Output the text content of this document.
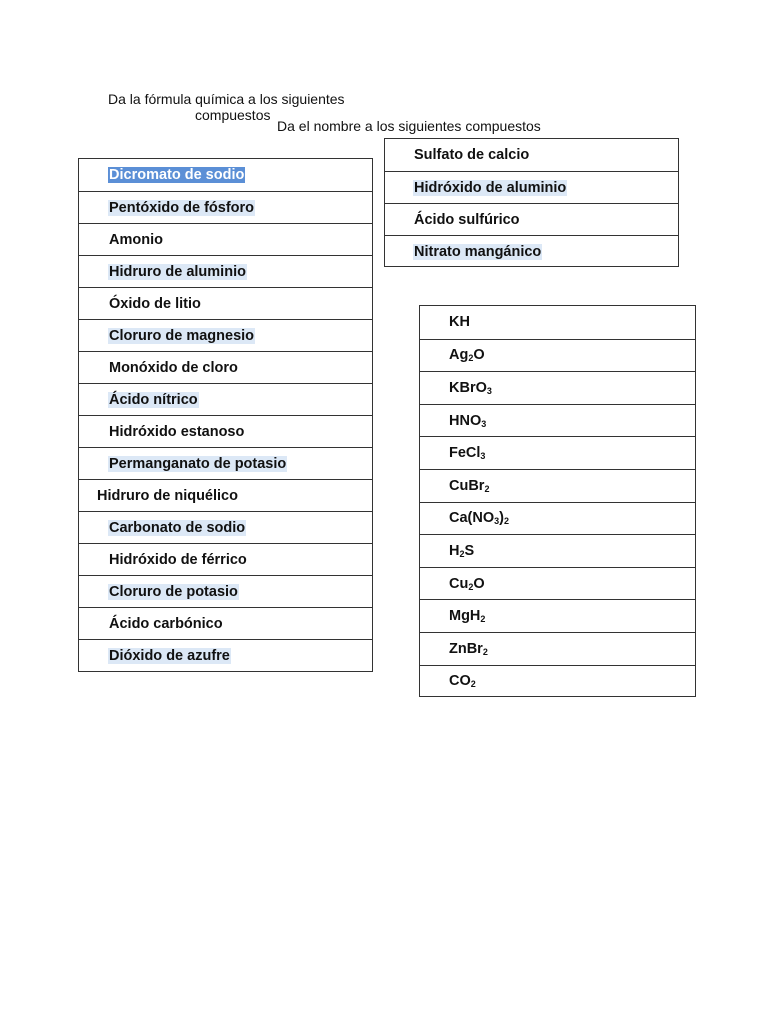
Da la fórmula química a los siguientes
compuestos
Da el nombre a los siguientes compuestos
Dicromato de sodio
Pentóxido de fósforo
Amonio
Hidruro de aluminio
Óxido de litio
Cloruro de magnesio
Monóxido de cloro
Ácido nítrico
Hidróxido estanoso
Permanganato de potasio
Hidruro de niquélico
Carbonato de sodio
Hidróxido de férrico
Cloruro de potasio
Ácido carbónico
Dióxido de azufre
Sulfato de calcio
Hidróxido de aluminio
Ácido sulfúrico
Nitrato mangánico
KH
$Ag_2O$
KBrO$_3$
$HNO_3$
FeCl$_3$
CuBr$_2$
$Ca(NO_3)_2$
$H_2S$
$Cu_2O$
MgH$_2$
ZnBr$_2$
$CO_2$
